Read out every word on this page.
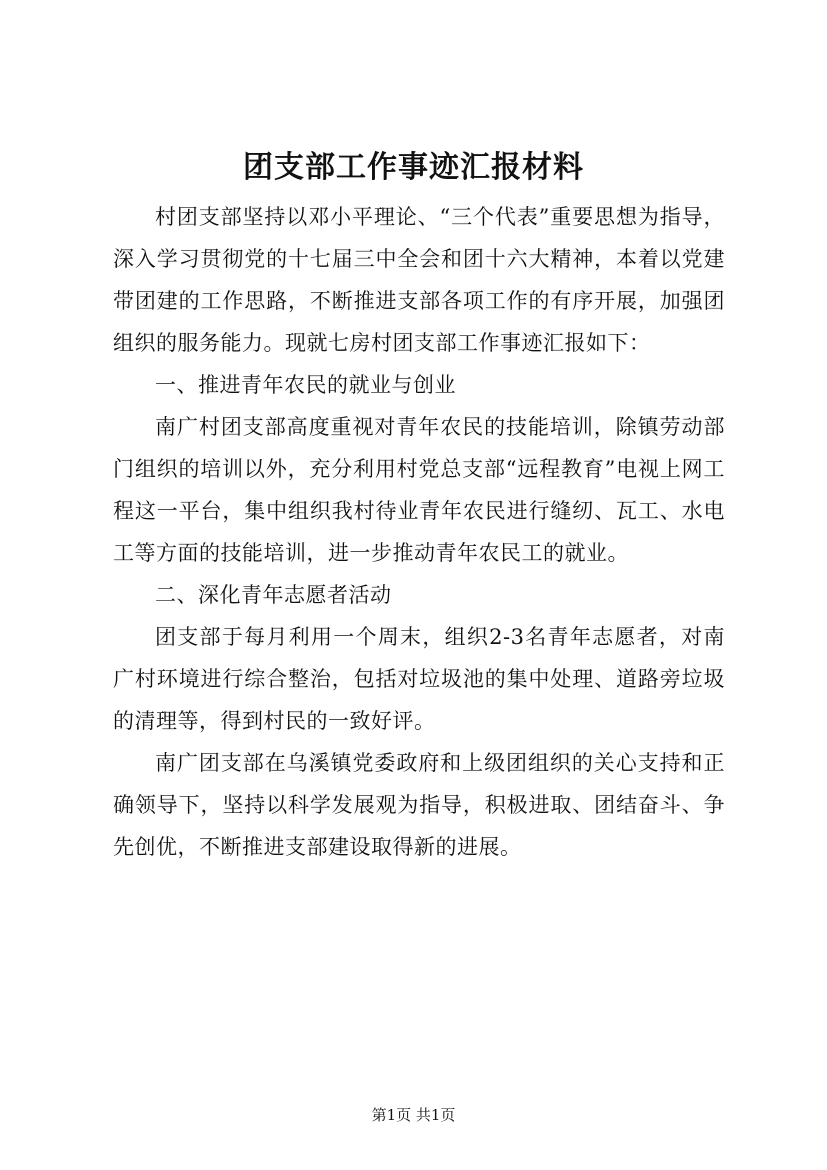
团支部工作事迹汇报材料

村团支部坚持以邓小平理论、“三个代表”重要思想为指导，深入学习贯彻党的十七届三中全会和团十六大精神，本着以党建带团建的工作思路，不断推进支部各项工作的有序开展，加强团组织的服务能力。现就七房村团支部工作事迹汇报如下：

一、推进青年农民的就业与创业

南广村团支部高度重视对青年农民的技能培训，除镇劳动部门组织的培训以外，充分利用村党总支部“远程教育”电视上网工程这一平台，集中组织我村待业青年农民进行缝纫、瓦工、水电工等方面的技能培训，进一步推动青年农民工的就业。

二、深化青年志愿者活动

团支部于每月利用一个周末，组织2-3名青年志愿者，对南广村环境进行综合整治，包括对垃圾池的集中处理、道路旁垃圾的清理等，得到村民的一致好评。

南广团支部在乌溪镇党委政府和上级团组织的关心支持和正确领导下，坚持以科学发展观为指导，积极进取、团结奋斗、争先创优，不断推进支部建设取得新的进展。

第1页 共1页
